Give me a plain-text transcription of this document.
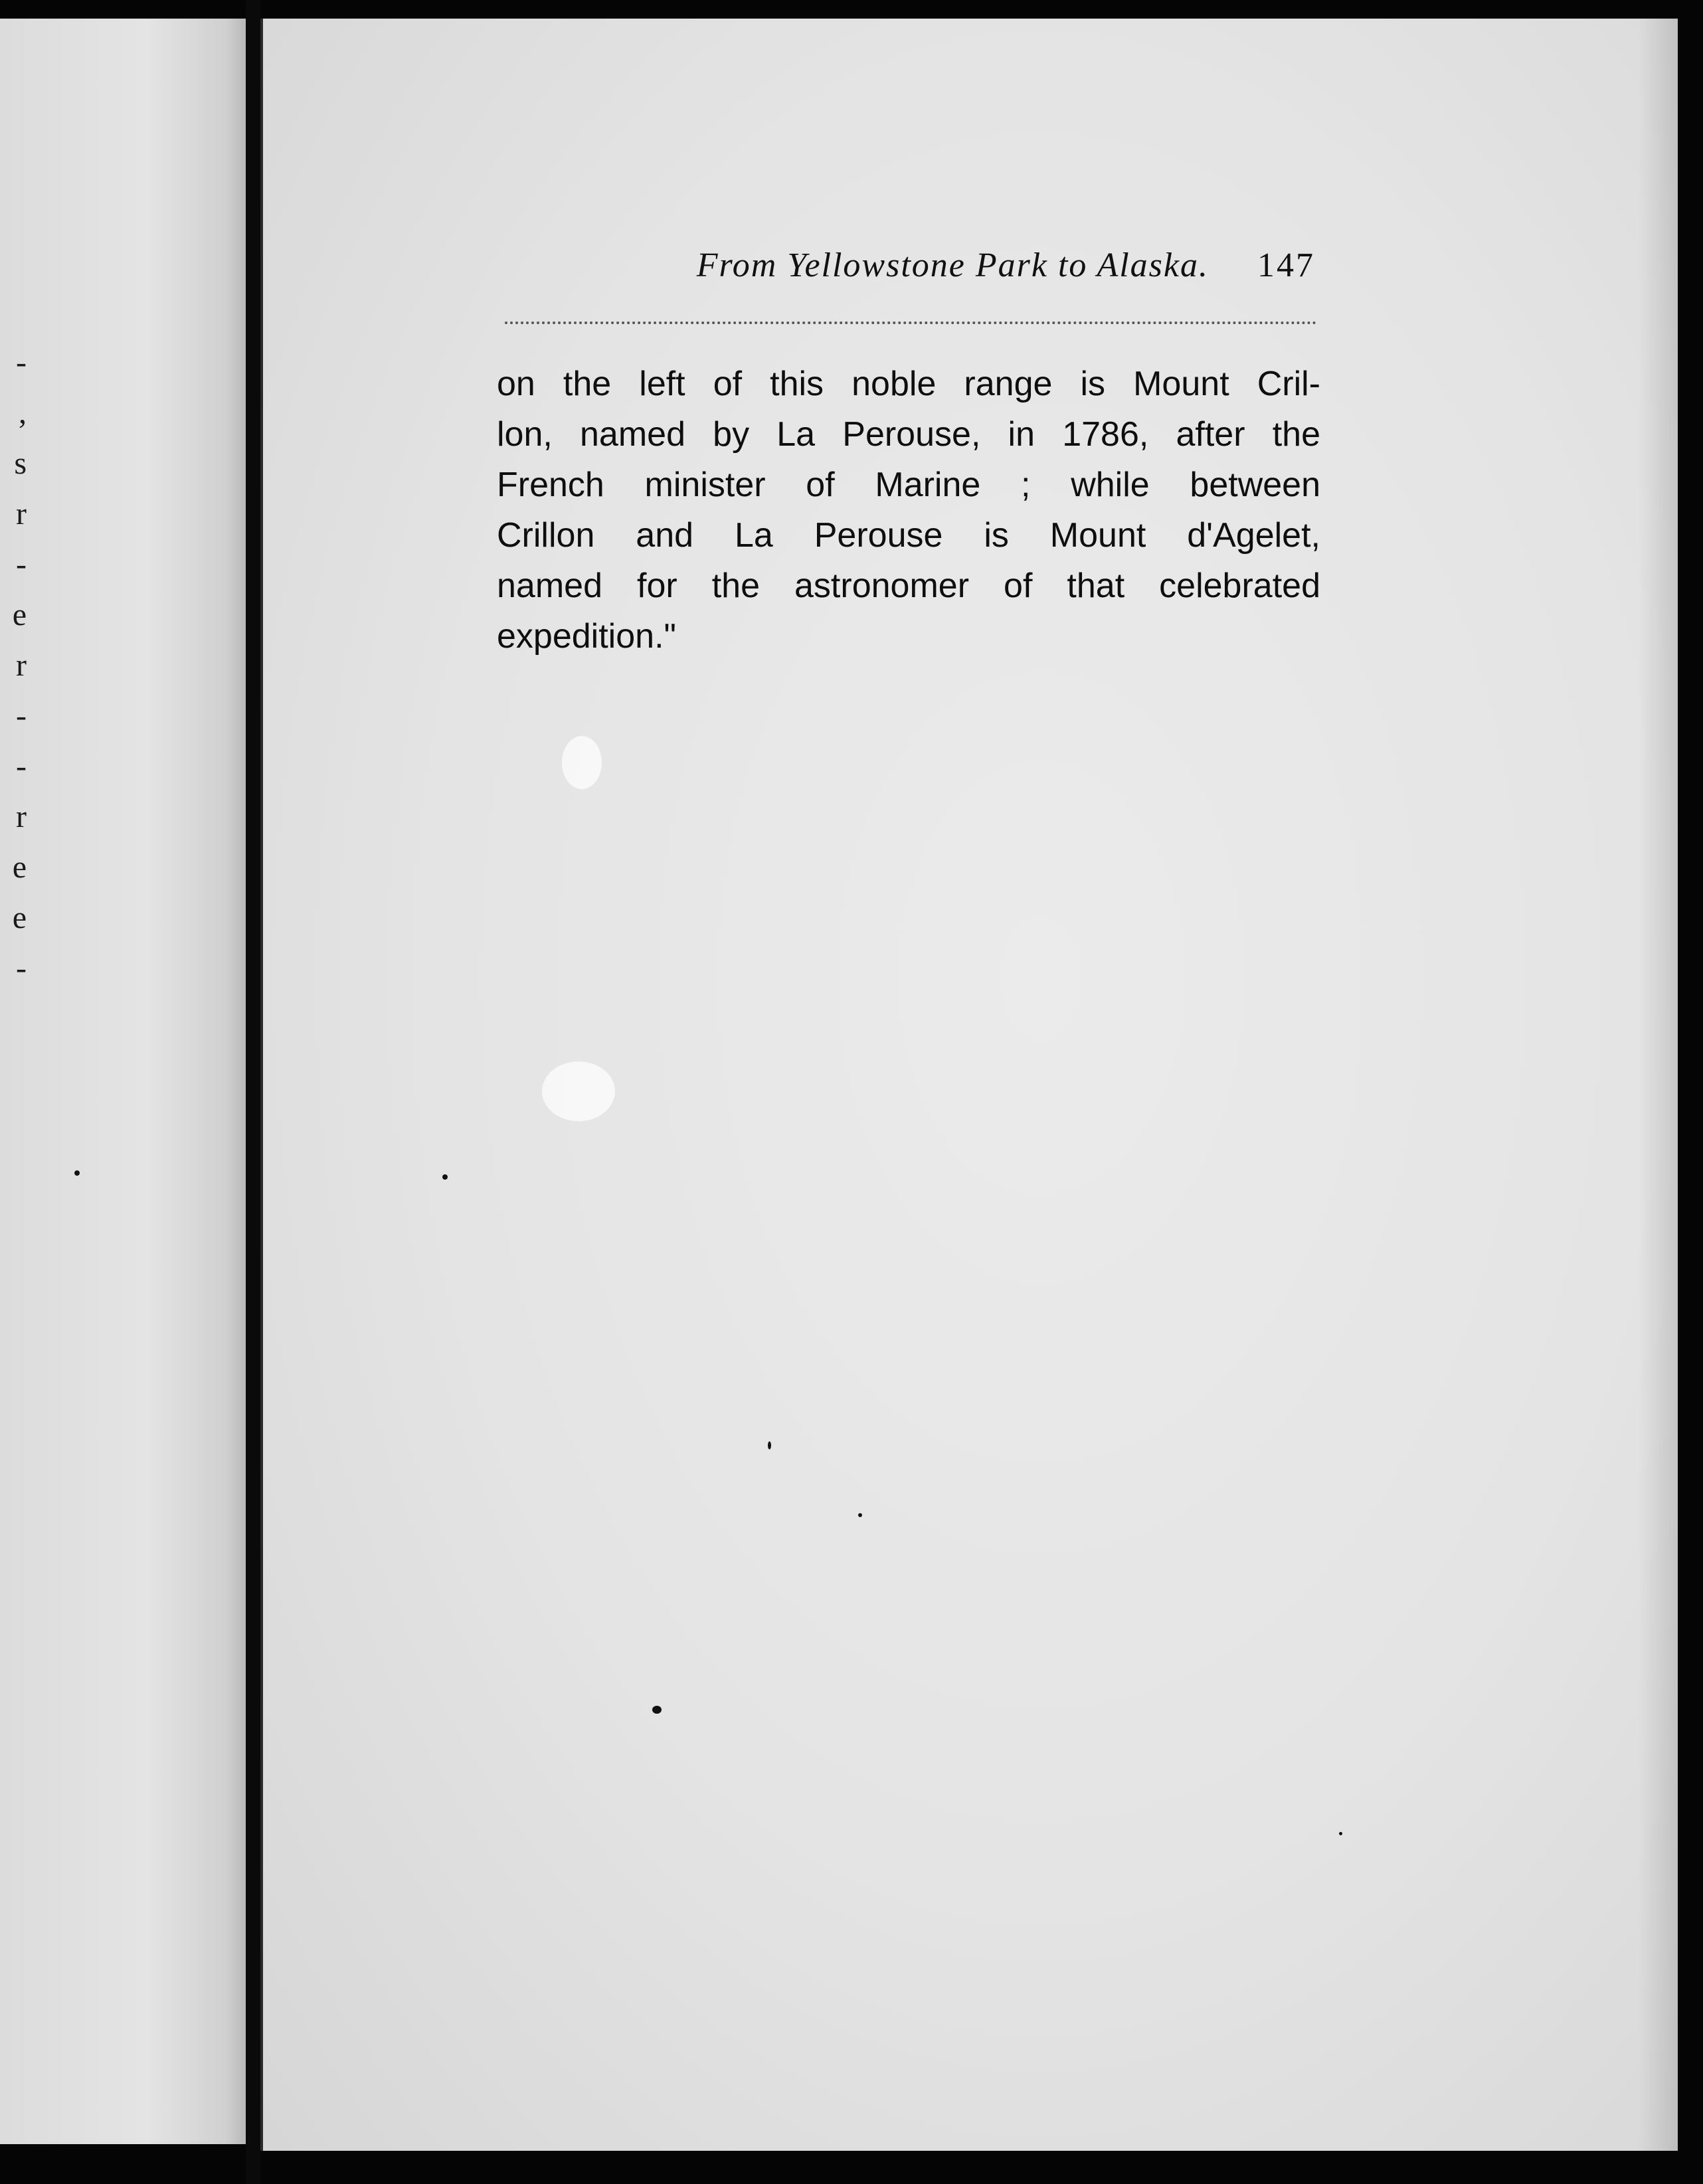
-
,
s
r
-
e
r
-
-
r
e
e
-
From Yellowstone Park to Alaska. 147
on the left of this noble range is Mount Cril-
lon, named by La Perouse, in 1786, after the
French minister of Marine ; while between
Crillon and La Perouse is Mount d'Agelet,
named for the astronomer of that celebrated
expedition."
